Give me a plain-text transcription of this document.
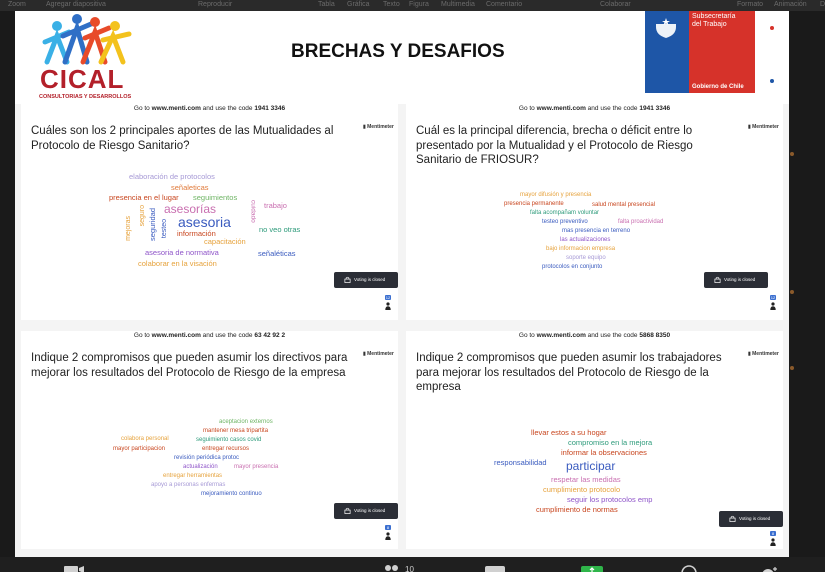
Zoom	Agregar diapositiva	Reproducir	Tabla Gráfica Texto Figura Multimedia Comentario	Colaborar	Formato Animación D
CICAL
CONSULTORIAS Y DESARROLLOS
BRECHAS Y DESAFIOS
Subsecretaría
del Trabajo
Gobierno de Chile
Go to www.menti.com and use the code 1941 3346
Cuáles son los 2 principales aportes de las Mutualidades al Protocolo de Riesgo Sanitario?
▮ Mentimeter
elaboración de protocolos
señaleticas
presencia en el lugar seguimientos
asesorías	trabajo
asesoria
seguro seguridad testeo
mejoras
cuidado
información	no veo otras
capacitación
asesoria de normativa	señaléticas
colaborar en la visación
Voting is closed
12
Go to www.menti.com and use the code 1941 3346
Cuál es la principal diferencia, brecha o déficit entre lo presentado por la Mutualidad y el Protocolo de Riesgo Sanitario de FRIOSUR?
▮ Mentimeter
mayor difusión y presencia
presencia permanente	salud mental presencial
falta acompañam voluntar
testeo preventivo	falta proactividad
mas presencia en terreno
las actualizaciones
bajo informacion empresa
soporte equipo
protocolos en conjunto
Voting is closed
12
Go to www.menti.com and use the code 63 42 92 2
Indique 2 compromisos que pueden asumir los directivos para mejorar los resultados del Protocolo de Riesgo de la empresa
▮ Mentimeter
aceptacion externos
mantener mesa tripartita
colabora personal	seguimiento casos covid
mayor participacion	entregar recursos
revisión periódica protoc
actualización	mayor presencia
entregar herramientas
apoyo a personas enfermas
mejoramiento continuo
Voting is closed
8
Go to www.menti.com and use the code 5868 8350
Indique 2 compromisos que pueden asumir los trabajadores para mejorar los resultados del Protocolo de Riesgo de la empresa
▮ Mentimeter
llevar estos a su hogar
compromiso en la mejora
informar la observaciones
responsabilidad participar
respetar las medidas
cumplimiento protocolo
seguir los protocolos emp
cumplimiento de normas
Voting is closed
8
10
